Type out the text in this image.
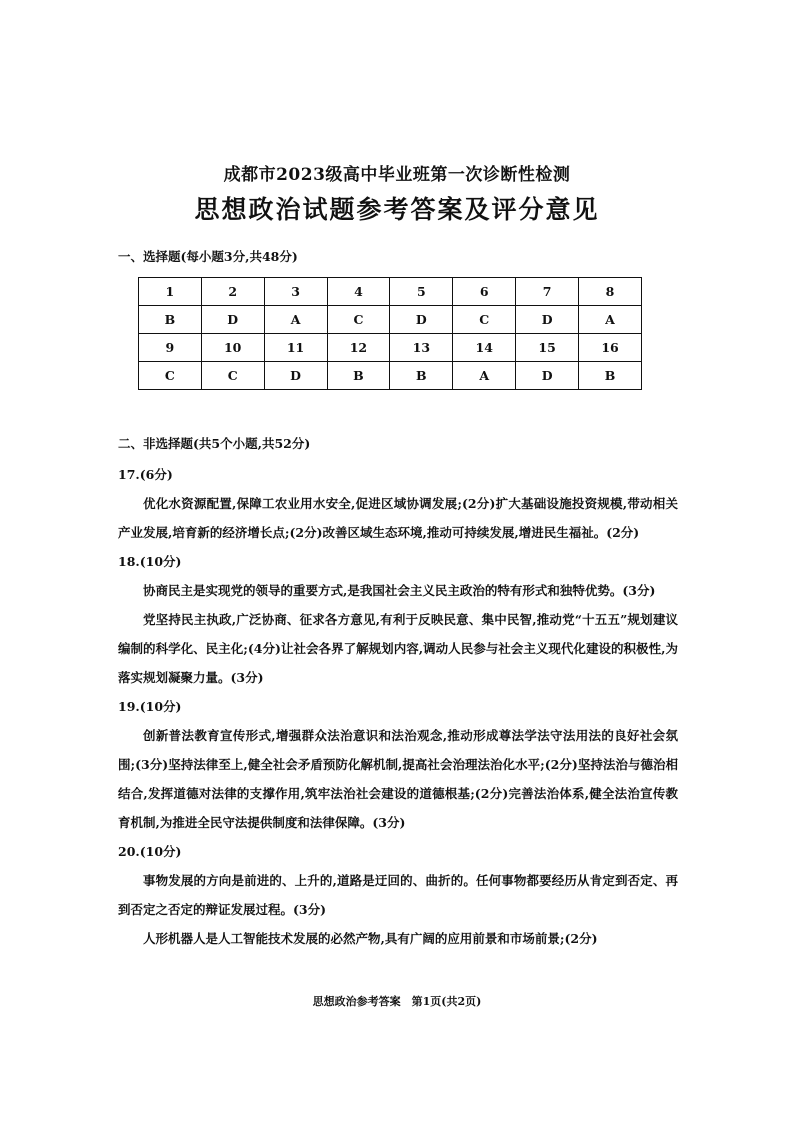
成都市2023级高中毕业班第一次诊断性检测
思想政治试题参考答案及评分意见
一、选择题(每小题3分,共48分)
1	2	3	4	5	6	7	8
B	D	A	C	D	C	D	A
9	10	11	12	13	14	15	16
C	C	D	B	B	A	D	B
二、非选择题(共5个小题,共52分)

17.(6分)

优化水资源配置,保障工农业用水安全,促进区域协调发展;(2分)扩大基础设施投资规模,带动相关产业发展,培育新的经济增长点;(2分)改善区域生态环境,推动可持续发展,增进民生福祉。(2分)

18.(10分)

协商民主是实现党的领导的重要方式,是我国社会主义民主政治的特有形式和独特优势。(3分)

党坚持民主执政,广泛协商、征求各方意见,有利于反映民意、集中民智,推动党“十五五”规划建议编制的科学化、民主化;(4分)让社会各界了解规划内容,调动人民参与社会主义现代化建设的积极性,为落实规划凝聚力量。(3分)

19.(10分)

创新普法教育宣传形式,增强群众法治意识和法治观念,推动形成尊法学法守法用法的良好社会氛围;(3分)坚持法律至上,健全社会矛盾预防化解机制,提高社会治理法治化水平;(2分)坚持法治与德治相结合,发挥道德对法律的支撑作用,筑牢法治社会建设的道德根基;(2分)完善法治体系,健全法治宣传教育机制,为推进全民守法提供制度和法律保障。(3分)

20.(10分)

事物发展的方向是前进的、上升的,道路是迂回的、曲折的。任何事物都要经历从肯定到否定、再到否定之否定的辩证发展过程。(3分)

人形机器人是人工智能技术发展的必然产物,具有广阔的应用前景和市场前景;(2分)

思想政治参考答案　第1页(共2页)
